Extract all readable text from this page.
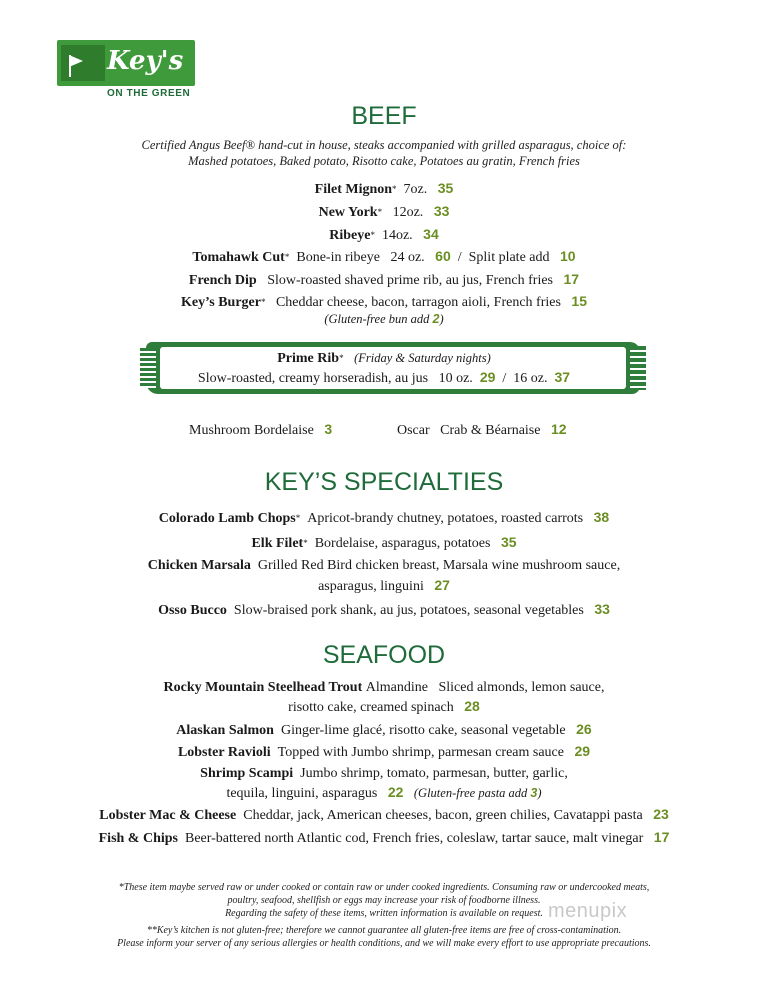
Key's
ON THE GREEN
BEEF
Certified Angus Beef® hand-cut in house, steaks accompanied with grilled asparagus, choice of:
Mashed potatoes, Baked potato, Risotto cake, Potatoes au gratin, French fries
Filet Mignon* 7oz. 35
New York* 12oz. 33
Ribeye* 14oz. 34
Tomahawk Cut* Bone-in ribeye   24 oz. 60 / Split plate add 10
French Dip Slow-roasted shaved prime rib, au jus, French fries 17
Key’s Burger* Cheddar cheese, bacon, tarragon aioli, French fries 15
(Gluten-free bun add 2)
Prime Rib* (Friday & Saturday nights)
Slow-roasted, creamy horseradish, au jus 10 oz. 29 / 16 oz. 37
Mushroom Bordelaise 3	Oscar Crab & Béarnaise 12
KEY’S SPECIALTIES
Colorado Lamb Chops* Apricot-brandy chutney, potatoes, roasted carrots 38
Elk Filet* Bordelaise, asparagus, potatoes 35
Chicken Marsala Grilled Red Bird chicken breast, Marsala wine mushroom sauce,
asparagus, linguini 27
Osso Bucco Slow-braised pork shank, au jus, potatoes, seasonal vegetables 33
SEAFOOD
Rocky Mountain Steelhead Trout Almandine Sliced almonds, lemon sauce,
risotto cake, creamed spinach 28
Alaskan Salmon Ginger-lime glacé, risotto cake, seasonal vegetable 26
Lobster Ravioli Topped with Jumbo shrimp, parmesan cream sauce 29
Shrimp Scampi Jumbo shrimp, tomato, parmesan, butter, garlic,
tequila, linguini, asparagus 22 (Gluten-free pasta add 3)
Lobster Mac & Cheese Cheddar, jack, American cheeses, bacon, green chilies, Cavatappi pasta 23
Fish & Chips Beer-battered north Atlantic cod, French fries, coleslaw, tartar sauce, malt vinegar 17
*These item maybe served raw or under cooked or contain raw or under cooked ingredients. Consuming raw or undercooked meats,
poultry, seafood, shellfish or eggs may increase your risk of foodborne illness.
Regarding the safety of these items, written information is available on request.
**Key’s kitchen is not gluten-free; therefore we cannot guarantee all gluten-free items are free of cross-contamination.
Please inform your server of any serious allergies or health conditions, and we will make every effort to use appropriate precautions.
menupix
